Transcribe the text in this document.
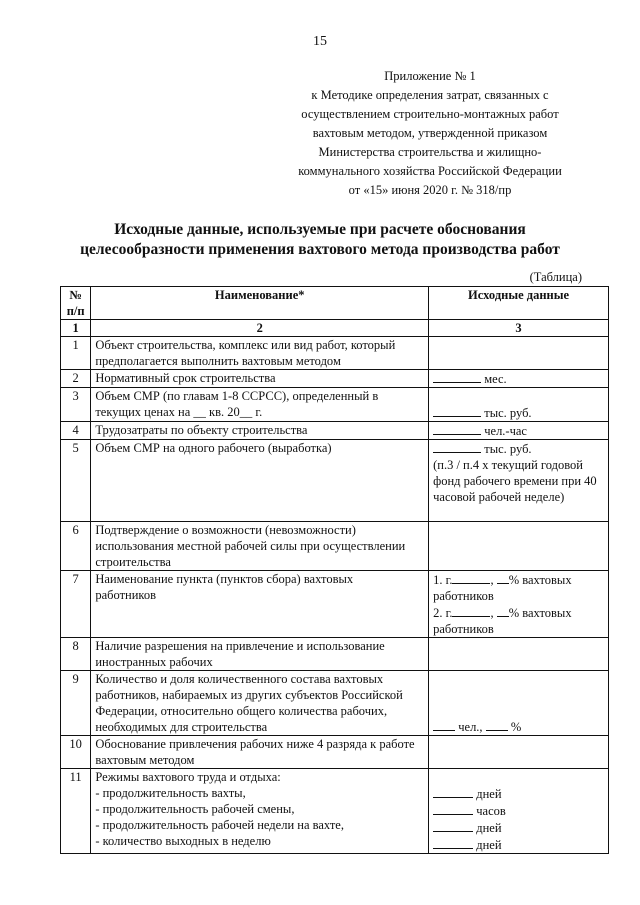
15
Приложение № 1
к Методике определения затрат, связанных с
осуществлением строительно-монтажных работ
вахтовым методом, утвержденной приказом
Министерства строительства и жилищно-
коммунального хозяйства Российской Федерации
от «15» июня 2020 г. № 318/пр
Исходные данные, используемые при расчете обоснования
целесообразности применения вахтового метода производства работ
(Таблица)
№
п/п	Наименование*	Исходные данные
1	2	3
1	Объект строительства, комплекс или вид работ, который
предполагается выполнить вахтовым методом	

2	Нормативный срок строительства	мес.
3	Объем СМР (по главам 1-8 ССРСС), определенный в
текущих ценах на __ кв. 20__ г.	тыс. руб.
4	Трудозатраты по объекту строительства	чел.-час
5	Объем СМР на одного рабочего (выработка)	тыс. руб.
(п.3 / п.4 х текущий годовой
фонд рабочего времени при 40
часовой рабочей неделе)

6	Подтверждение о возможности (невозможности)
использования местной рабочей силы при осуществлении
строительства	

7	Наименование пункта (пунктов сбора) вахтовых
работников	1. г. , % вахтовых
работников
2. г. , % вахтовых
работников

8	Наличие разрешения на привлечение и использование
иностранных рабочих	

9	Количество и доля количественного состава вахтовых
работников, набираемых из других субъектов Российской
Федерации, относительно общего количества рабочих,
необходимых для строительства	чел., %
10	Обоснование привлечения рабочих ниже 4 разряда к работе
вахтовым методом	

11	Режимы вахтового труда и отдыха:
- продолжительность вахты,
- продолжительность рабочей смены,
- продолжительность рабочей недели на вахте,
- количество выходных в неделю	дней
часов
дней
дней
